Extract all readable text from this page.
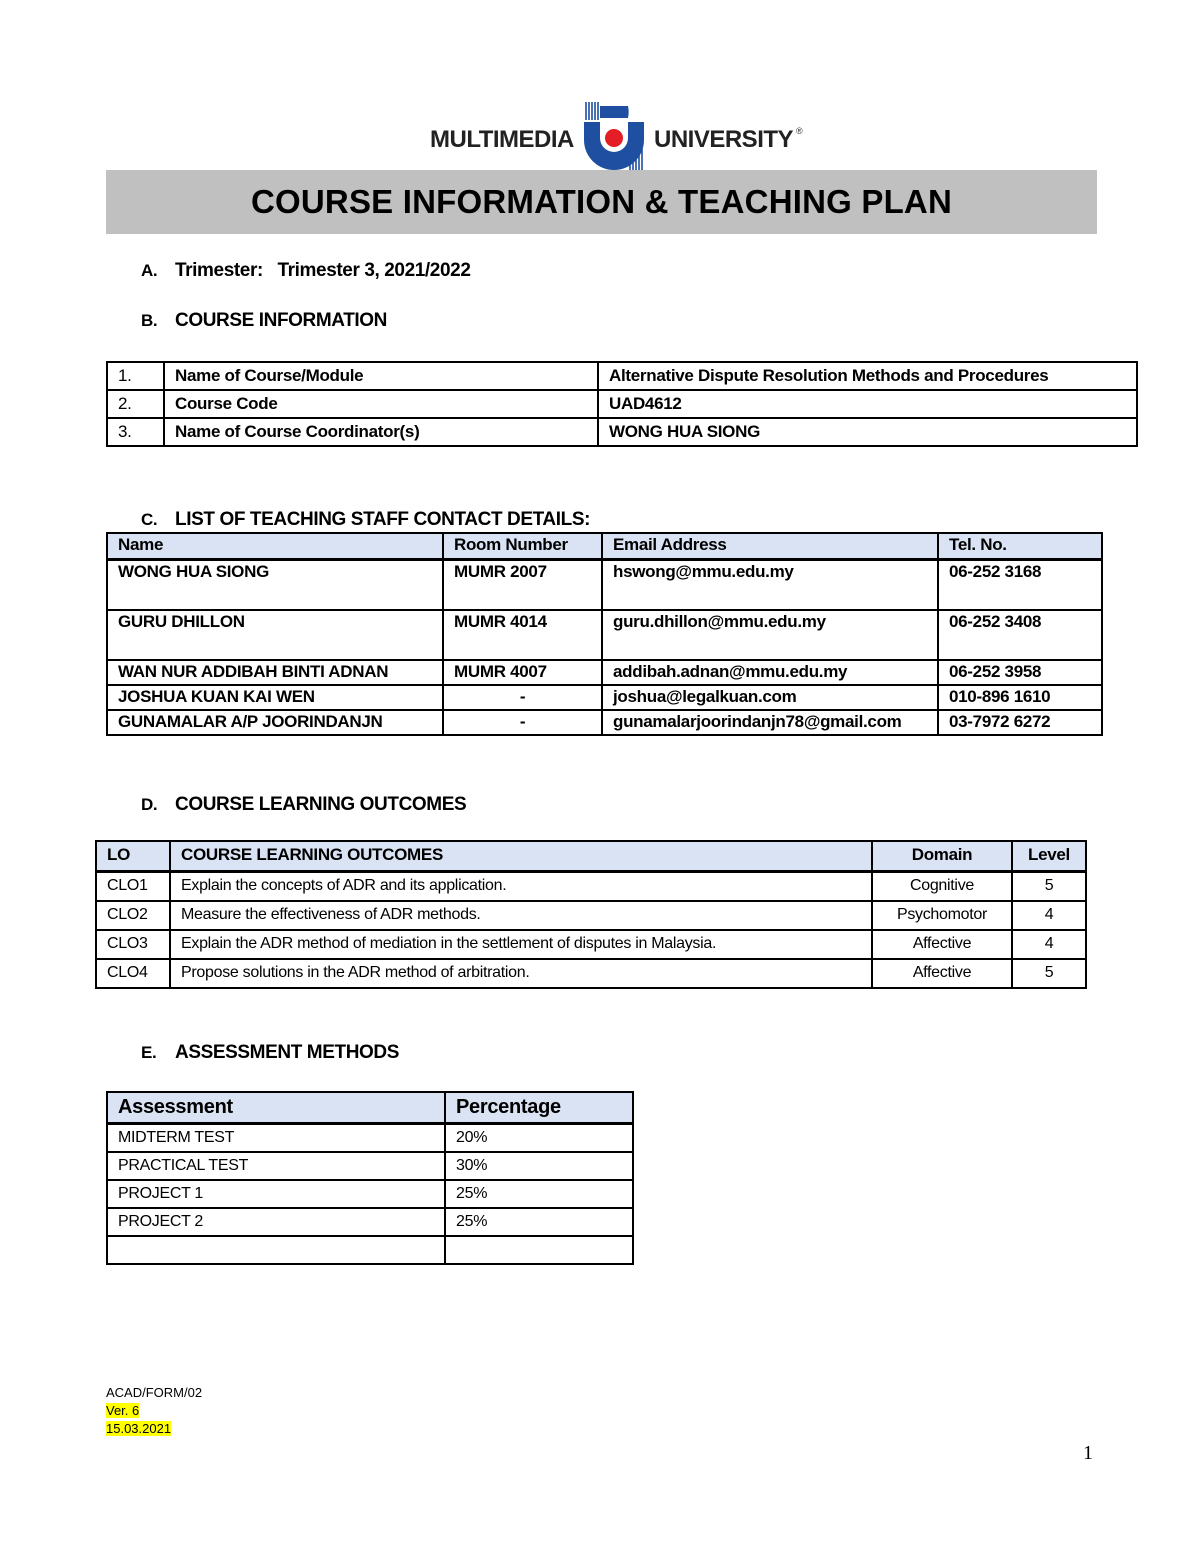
MULTIMEDIA	UNIVERSITY ®
COURSE INFORMATION & TEACHING PLAN
A. Trimester: Trimester 3, 2021/2022
B. COURSE INFORMATION
1.	Name of Course/Module	Alternative Dispute Resolution Methods and Procedures
2.	Course Code	UAD4612
3.	Name of Course Coordinator(s)	WONG HUA SIONG
C. LIST OF TEACHING STAFF CONTACT DETAILS:
Name	Room Number	Email Address	Tel. No.
WONG HUA SIONG	MUMR 2007	hswong@mmu.edu.my	06-252 3168
GURU DHILLON	MUMR 4014	guru.dhillon@mmu.edu.my	06-252 3408
WAN NUR ADDIBAH BINTI ADNAN	MUMR 4007	addibah.adnan@mmu.edu.my	06-252 3958
JOSHUA KUAN KAI WEN	-	joshua@legalkuan.com	010-896 1610
GUNAMALAR A/P JOORINDANJN	-	gunamalarjoorindanjn78@gmail.com	03-7972 6272
D. COURSE LEARNING OUTCOMES
LO	COURSE LEARNING OUTCOMES	Domain	Level
CLO1	Explain the concepts of ADR and its application.	Cognitive	5
CLO2	Measure the effectiveness of ADR methods.	Psychomotor	4
CLO3	Explain the ADR method of mediation in the settlement of disputes in Malaysia.	Affective	4
CLO4	Propose solutions in the ADR method of arbitration.	Affective	5
E. ASSESSMENT METHODS
Assessment	Percentage
MIDTERM TEST	20%
PRACTICAL TEST	30%
PROJECT 1	25%
PROJECT 2	25%

ACAD/FORM/02
Ver. 6
15.03.2021
1
